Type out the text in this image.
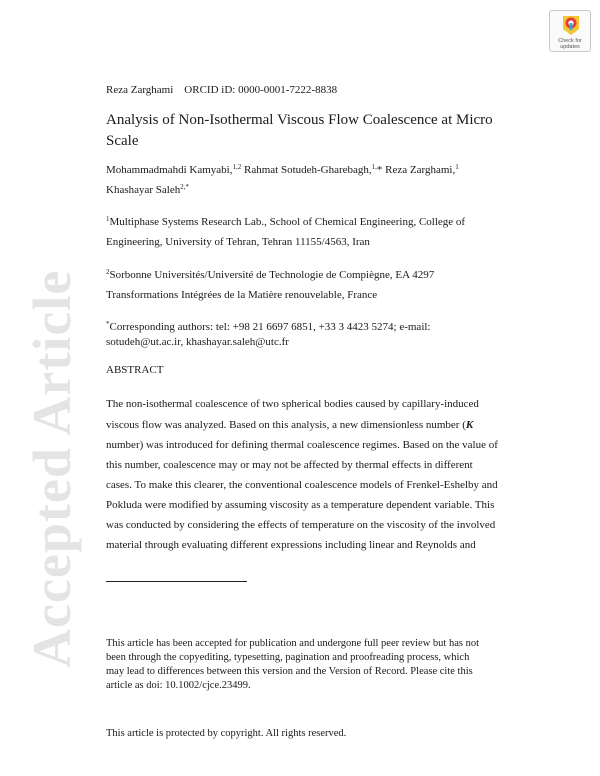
Accepted Article
Check for
updates
Reza Zarghami    ORCID iD: 0000-0001-7222-8838
Analysis of Non-Isothermal Viscous Flow Coalescence at Micro
Scale
Mohammadmahdi Kamyabi,$^{1,2}$ Rahmat Sotudeh-Gharebagh,$^{1,}$* Reza Zarghami,$^1$
Khashayar Saleh$^{2,*}$
$^1$Multiphase Systems Research Lab., School of Chemical Engineering, College of
Engineering, University of Tehran, Tehran 11155/4563, Iran
$^2$Sorbonne Universités/Université de Technologie de Compiègne, EA 4297
Transformations Intégrées de la Matière renouvelable, France
*Corresponding authors: tel: +98 21 6697 6851, +33 3 4423 5274; e-mail:
sotudeh@ut.ac.ir, khashayar.saleh@utc.fr
ABSTRACT
The non-isothermal coalescence of two spherical bodies caused by capillary-induced
viscous flow was analyzed. Based on this analysis, a new dimensionless number (K
number) was introduced for defining thermal coalescence regimes. Based on the value of
this number, coalescence may or may not be affected by thermal effects in different
cases. To make this clearer, the conventional coalescence models of Frenkel-Eshelby and
Pokluda were modified by assuming viscosity as a temperature dependent variable. This
was conducted by considering the effects of temperature on the viscosity of the involved
material through evaluating different expressions including linear and Reynolds and
This article has been accepted for publication and undergone full peer review but has not
been through the copyediting, typesetting, pagination and proofreading process, which
may lead to differences between this version and the Version of Record. Please cite this
article as doi: 10.1002/cjce.23499.
This article is protected by copyright. All rights reserved.
